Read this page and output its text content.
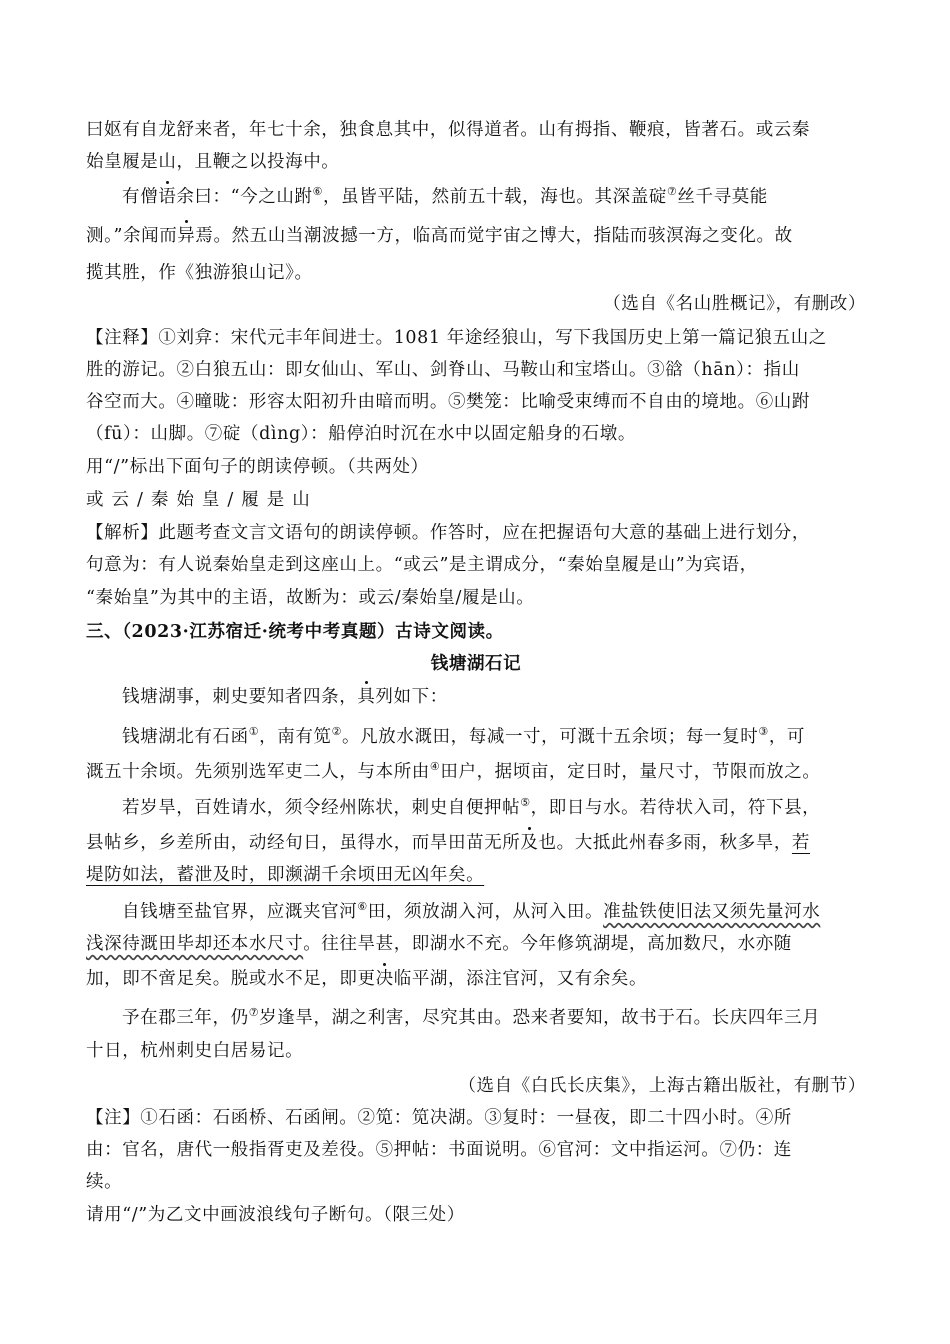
曰妪有自龙舒来者，年七十余，独食息其中，似得道者。山有拇指、鞭痕，皆著石。或云秦
始皇履是山，且鞭之以投海中。
有僧语余曰：“今之山跗⑥，虽皆平陆，然前五十载，海也。其深盖碇⑦丝千寻莫能
测。”余闻而异焉。然五山当潮波撼一方，临高而觉宇宙之博大，指陆而骇溟海之变化。故
揽其胜，作《独游狼山记》。
（选自《名山胜概记》，有删改）
【注释】①刘弇：宋代元丰年间进士。1081 年途经狼山，写下我国历史上第一篇记狼五山之
胜的游记。②白狼五山：即女仙山、军山、剑脊山、马鞍山和宝塔山。③谽（hān）：指山
谷空而大。④曈昽：形容太阳初升由暗而明。⑤樊笼：比喻受束缚而不自由的境地。⑥山跗
（fū）：山脚。⑦碇（dìng）：船停泊时沉在水中以固定船身的石墩。
用“/”标出下面句子的朗读停顿。（共两处）
或云/秦始皇/履是山
【解析】此题考查文言文语句的朗读停顿。作答时，应在把握语句大意的基础上进行划分，
句意为：有人说秦始皇走到这座山上。“或云”是主谓成分，“秦始皇履是山”为宾语，
“秦始皇”为其中的主语，故断为：或云/秦始皇/履是山。
三、（2023·江苏宿迁·统考中考真题）古诗文阅读。
钱塘湖石记
钱塘湖事，刺史要知者四条，具列如下：
钱塘湖北有石函①，南有笕②。凡放水溉田，每减一寸，可溉十五余顷；每一复时③，可
溉五十余顷。先须别选军吏二人，与本所由④田户，据顷亩，定日时，量尺寸，节限而放之。
若岁旱，百姓请水，须令经州陈状，刺史自便押帖⑤，即日与水。若待状入司，符下县，
县帖乡，乡差所由，动经旬日，虽得水，而旱田苗无所及也。大抵此州春多雨，秋多旱，若
堤防如法，蓄泄及时，即濒湖千余顷田无凶年矣。
自钱塘至盐官界，应溉夹官河⑥田，须放湖入河，从河入田。准盐铁使旧法又须先量河水
浅深待溉田毕却还本水尺寸。往往旱甚，即湖水不充。今年修筑湖堤，高加数尺，水亦随
加，即不啻足矣。脱或水不足，即更决临平湖，添注官河，又有余矣。
予在郡三年，仍⑦岁逢旱，湖之利害，尽究其由。恐来者要知，故书于石。长庆四年三月
十日，杭州刺史白居易记。
（选自《白氏长庆集》，上海古籍出版社，有删节）
【注】①石函：石函桥、石函闸。②笕：笕决湖。③复时：一昼夜，即二十四小时。④所
由：官名，唐代一般指胥吏及差役。⑤押帖：书面说明。⑥官河：文中指运河。⑦仍：连
续。
请用“/”为乙文中画波浪线句子断句。（限三处）
